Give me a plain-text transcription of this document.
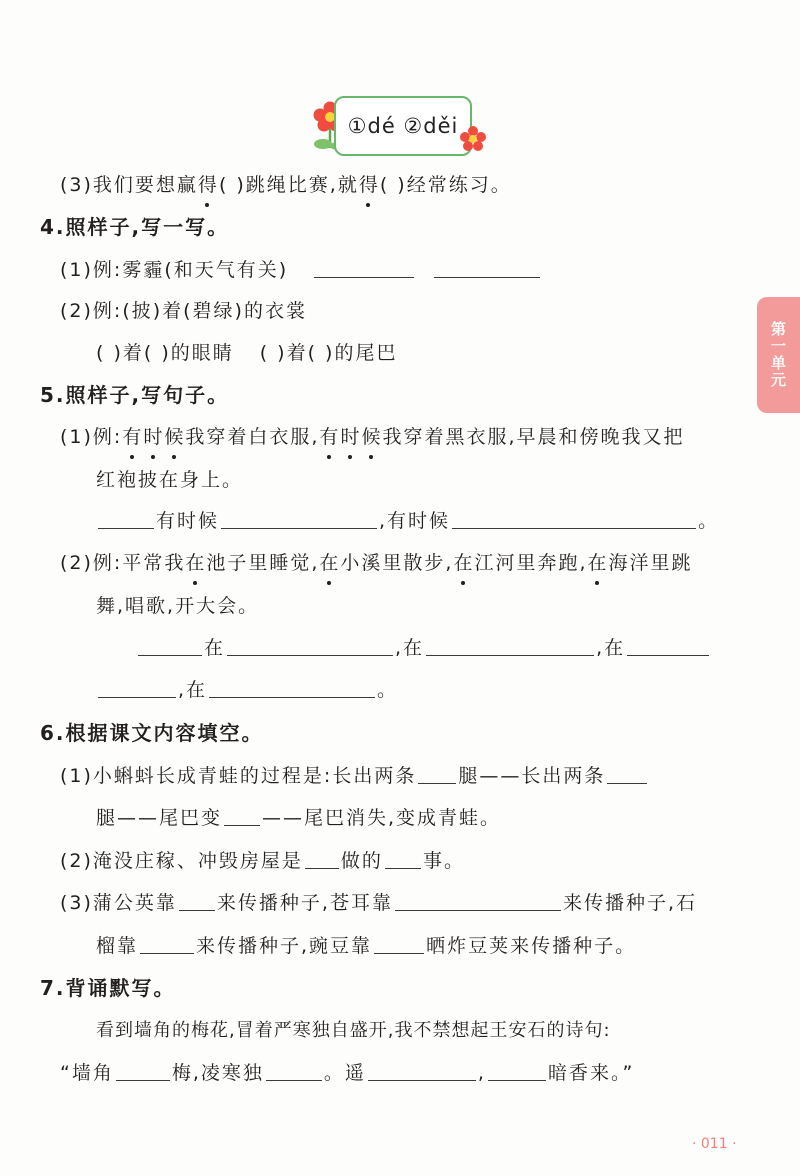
①dé ②děi
第一单元
(3)我们要想赢得( )跳绳比赛,就得( )经常练习。
4.照样子,写一写。
(1)例:雾霾(和天气有关)
(2)例:(披)着(碧绿)的衣裳
( )着( )的眼睛 ( )着( )的尾巴
5.照样子,写句子。
(1)例:有时候我穿着白衣服,有时候我穿着黑衣服,早晨和傍晚我又把
红袍披在身上。
有时候	,有时候	。
(2)例:平常我在池子里睡觉,在小溪里散步,在江河里奔跑,在海洋里跳
舞,唱歌,开大会。
在	,在	,在
,在	。
6.根据课文内容填空。
(1)小蝌蚪长成青蛙的过程是:长出两条 腿——长出两条
腿——尾巴变 ——尾巴消失,变成青蛙。
(2)淹没庄稼、冲毁房屋是 做的 事。
(3)蒲公英靠 来传播种子,苍耳靠	来传播种子,石
榴靠	来传播种子,豌豆靠	晒炸豆荚来传播种子。
7.背诵默写。
看到墙角的梅花,冒着严寒独自盛开,我不禁想起王安石的诗句:
“墙角	梅,凌寒独	。遥	,	暗香来。”
· 011 ·
